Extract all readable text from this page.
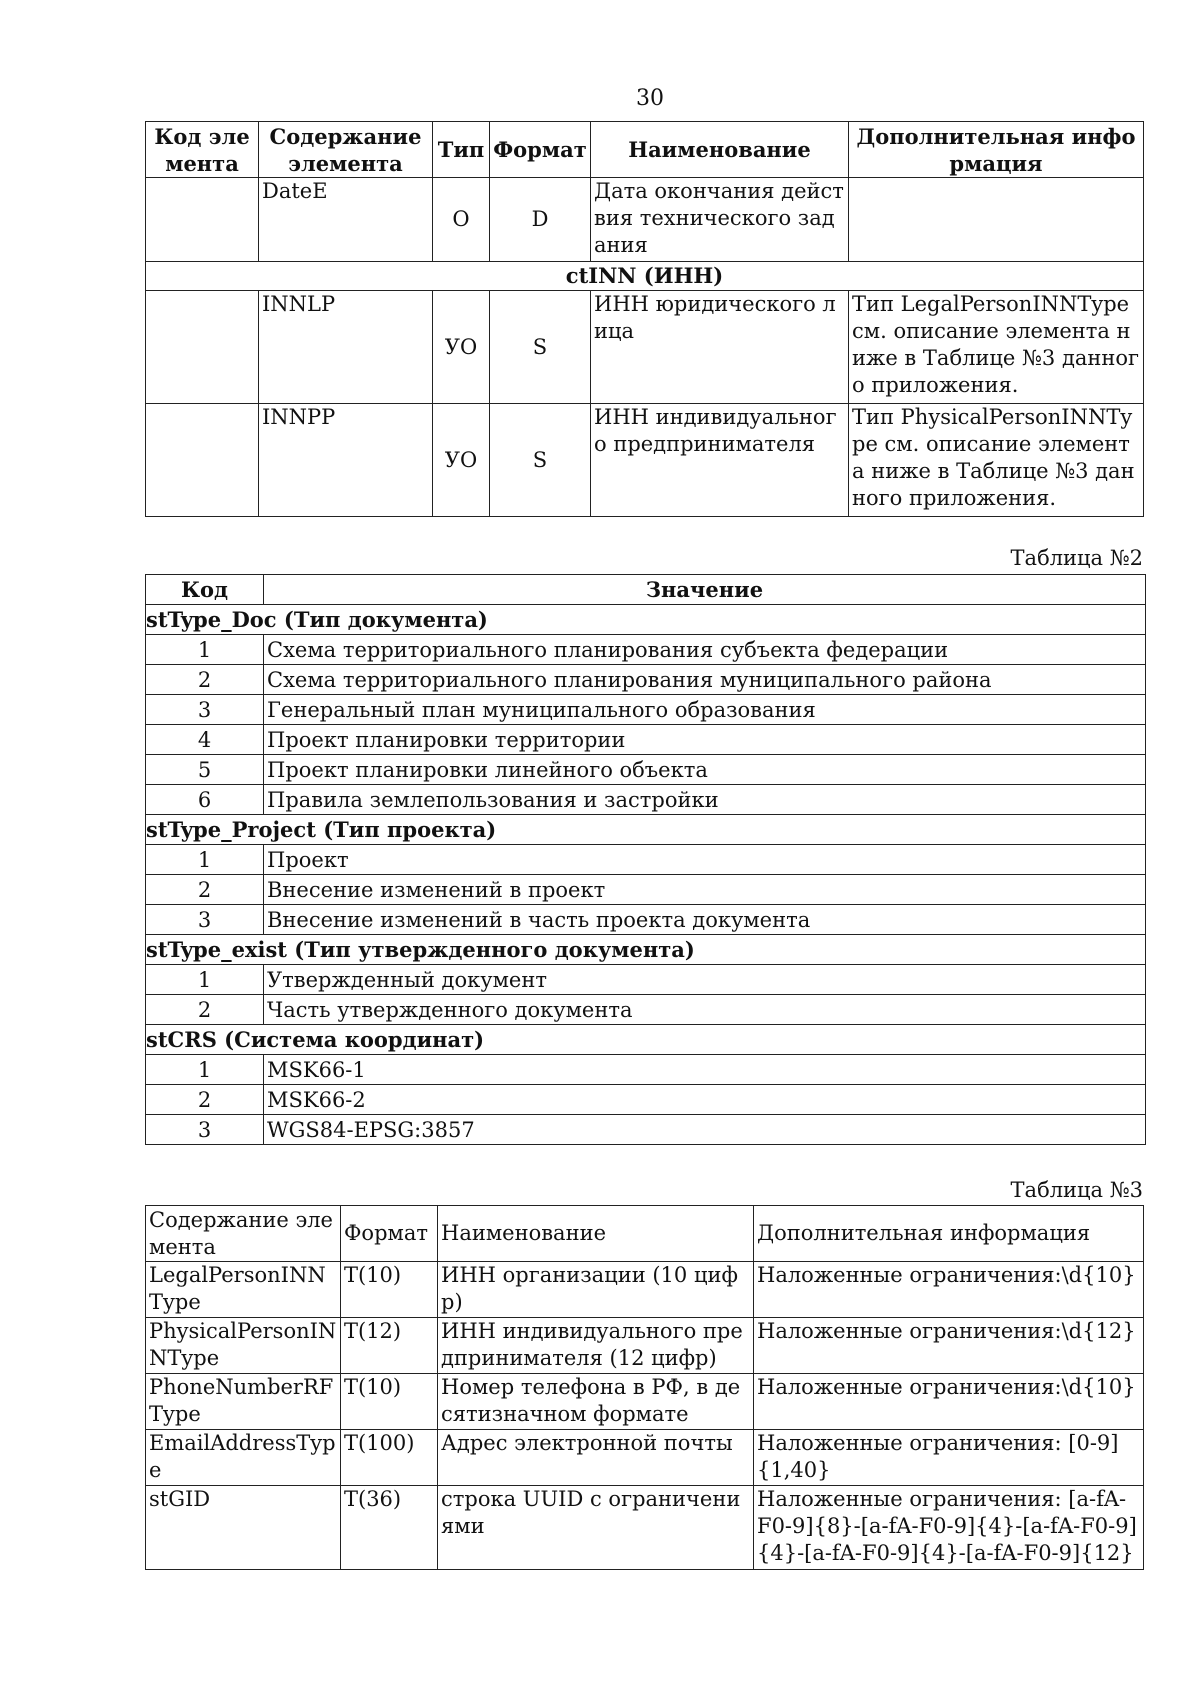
30
Код элемента	Содержание элемента	Тип	Формат	Наименование	Дополнительная информация
	DateE	O	D	Дата окончания действия технического задания	
ctINN (ИНН)					
	INNLP	УО	S	ИНН юридического лица	Тип LegalPersonINNType см. описание элемента ниже в Таблице №3 данного приложения.
	INNPP	УО	S	ИНН индивидуального предпринимателя	Тип PhysicalPersonINNType см. описание элемента ниже в Таблице №3 данного приложения.
Таблица №2
Код	Значение
stType_Doc (Тип документа)	
1	Схема территориального планирования субъекта федерации
2	Схема территориального планирования муниципального района
3	Генеральный план муниципального образования
4	Проект планировки территории
5	Проект планировки линейного объекта
6	Правила землепользования и застройки
stType_Project (Тип проекта)	
1	Проект
2	Внесение изменений в проект
3	Внесение изменений в часть проекта документа
stType_exist (Тип утвержденного документа)	
1	Утвержденный документ
2	Часть утвержденного документа
stCRS (Система координат)	
1	MSK66-1
2	MSK66-2
3	WGS84-EPSG:3857
Таблица №3
Содержание элемента	Формат	Наименование	Дополнительная информация
LegalPersonINNType	T(10)	ИНН организации (10 цифр)	Наложенные ограничения:\d{10}
PhysicalPersonINNType	T(12)	ИНН индивидуального предпринимателя (12 цифр)	Наложенные ограничения:\d{12}
PhoneNumberRFType	T(10)	Номер телефона в РФ, в десятизначном формате	Наложенные ограничения:\d{10}
EmailAddressType	T(100)	Адрес электронной почты	Наложенные ограничения: [0-9]{1,40}
stGID	T(36)	строка UUID с ограничениями	Наложенные ограничения: [a-fA-F0-9]{8}-[a-fA-F0-9]{4}-[a-fA-F0-9]{4}-[a-fA-F0-9]{4}-[a-fA-F0-9]{12}
